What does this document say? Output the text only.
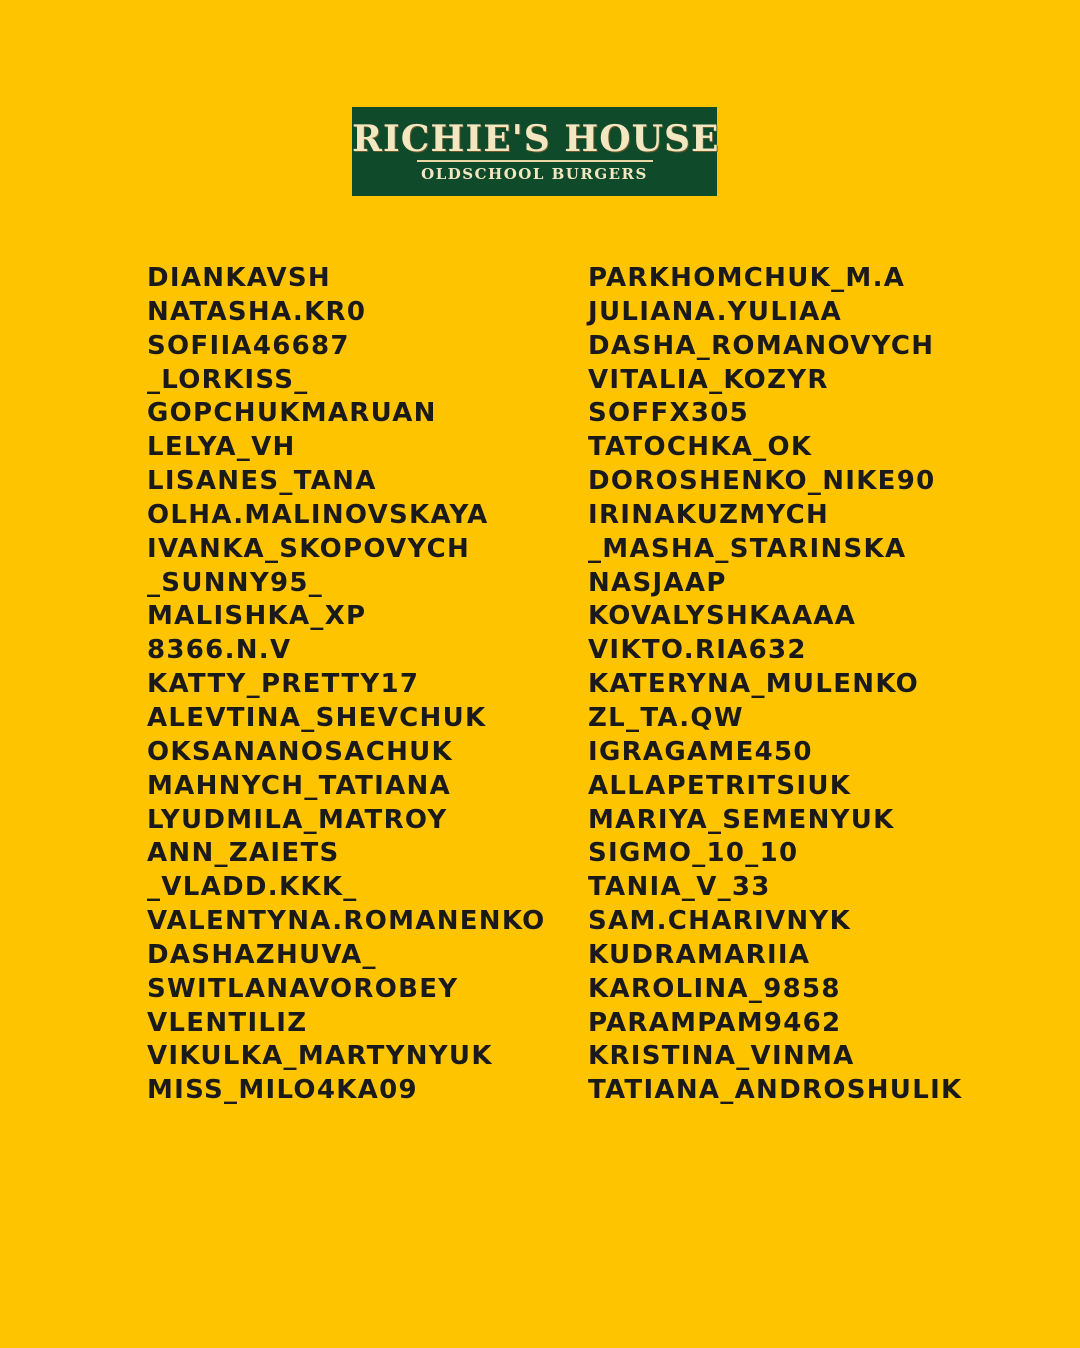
RICHIE'S HOUSE
OLDSCHOOL BURGERS
DIANKAVSH
NATASHA.KR0
SOFIIA46687
_LORKISS_
GOPCHUKMARUAN
LELYA_VH
LISANES_TANA
OLHA.MALINOVSKAYA
IVANKA_SKOPOVYCH
_SUNNY95_
MALISHKA_XP
8366.N.V
KATTY_PRETTY17
ALEVTINA_SHEVCHUK
OKSANANOSACHUK
MAHNYCH_TATIANA
LYUDMILA_MATROY
ANN_ZAIETS
_VLADD.KKK_
VALENTYNA.ROMANENKO
DASHAZHUVA_
SWITLANAVOROBEY
VLENTILIZ
VIKULKA_MARTYNYUK
MISS_MILO4KA09
PARKHOMCHUK_M.A
JULIANA.YULIAA
DASHA_ROMANOVYCH
VITALIA_KOZYR
SOFFX305
TATOCHKA_OK
DOROSHENKO_NIKE90
IRINAKUZMYCH
_MASHA_STARINSKA
NASJAAP
KOVALYSHKAAAA
VIKTO.RIA632
KATERYNA_MULENKO
ZL_TA.QW
IGRAGAME450
ALLAPETRITSIUK
MARIYA_SEMENYUK
SIGMO_10_10
TANIA_V_33
SAM.CHARIVNYK
KUDRAMARIIA
KAROLINA_9858
PARAMPAM9462
KRISTINA_VINMA
TATIANA_ANDROSHULIK
